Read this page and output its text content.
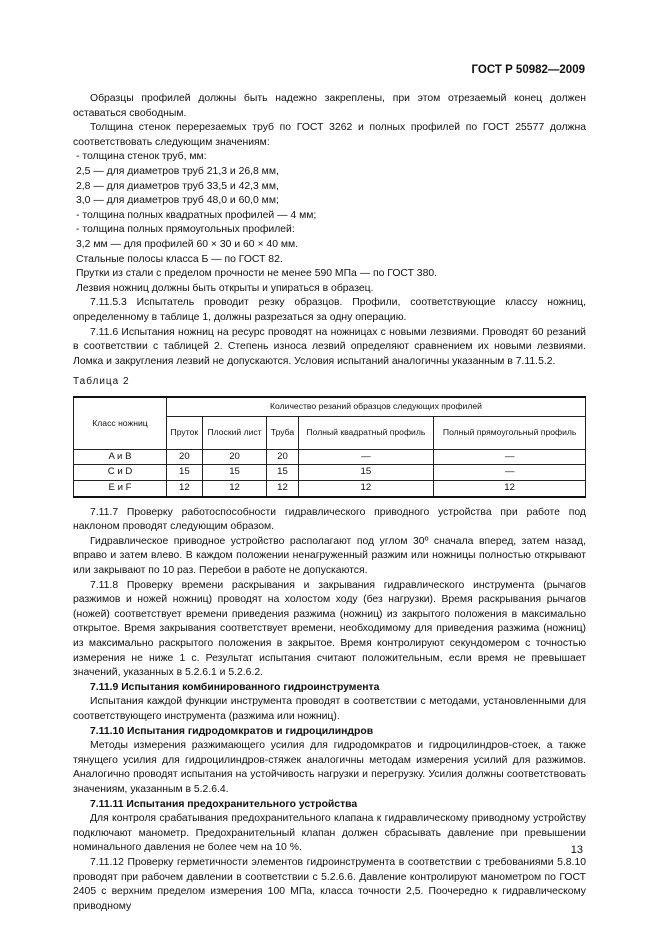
ГОСТ Р 50982—2009

Образцы профилей должны быть надежно закреплены, при этом отрезаемый конец должен оставаться свободным.

Толщина стенок перерезаемых труб по ГОСТ 3262 и полных профилей по ГОСТ 25577 должна соответствовать следующим значениям:

- толщина стенок труб, мм:

2,5 — для диаметров труб 21,3 и 26,8 мм,

2,8 — для диаметров труб 33,5 и 42,3 мм,

3,0 — для диаметров труб 48,0 и 60,0 мм;

- толщина полных квадратных профилей — 4 мм;

- толщина полных прямоугольных профилей:

3,2 мм — для профилей 60 × 30 и 60 × 40 мм.

Стальные полосы класса Б — по ГОСТ 82.

Прутки из стали с пределом прочности не менее 590 МПа — по ГОСТ 380.

Лезвия ножниц должны быть открыты и упираться в образец.

7.11.5.3 Испытатель проводит резку образцов. Профили, соответствующие классу ножниц, определенному в таблице 1, должны разрезаться за одну операцию.

7.11.6 Испытания ножниц на ресурс проводят на ножницах с новыми лезвиями. Проводят 60 резаний в соответствии с таблицей 2. Степень износа лезвий определяют сравнением их новыми лезвиями. Ломка и закругления лезвий не допускаются. Условия испытаний аналогичны указанным в 7.11.5.2.

Таблица 2

Класс ножниц	Количество резаний образцов следующих профилей				
	Пруток	Плоский лист	Труба	Полный квадратный профиль	Полный прямоугольный профиль
A и B	20	20	20	—	—
C и D	15	15	15	15	—
E и F	12	12	12	12	12

7.11.7 Проверку работоспособности гидравлического приводного устройства при работе под наклоном проводят следующим образом.

Гидравлическое приводное устройство располагают под углом 30º сначала вперед, затем назад, вправо и затем влево. В каждом положении ненагруженный разжим или ножницы полностью открывают или закрывают по 10 раз. Перебои в работе не допускаются.

7.11.8 Проверку времени раскрывания и закрывания гидравлического инструмента (рычагов разжимов и ножей ножниц) проводят на холостом ходу (без нагрузки). Время раскрывания рычагов (ножей) соответствует времени приведения разжима (ножниц) из закрытого положения в максимально открытое. Время закрывания соответствует времени, необходимому для приведения разжима (ножниц) из максимально раскрытого положения в закрытое. Время контролируют секундомером с точностью измерения не ниже 1 с. Результат испытания считают положительным, если время не превышает значений, указанных в 5.2.6.1 и 5.2.6.2.

7.11.9 Испытания комбинированного гидроинструмента

Испытания каждой функции инструмента проводят в соответствии с методами, установленными для соответствующего инструмента (разжима или ножниц).

7.11.10 Испытания гидродомкратов и гидроцилиндров

Методы измерения разжимающего усилия для гидродомкратов и гидроцилиндров-стоек, а также тянущего усилия для гидроцилиндров-стяжек аналогичны методам измерения усилий для разжимов. Аналогично проводят испытания на устойчивость нагрузки и перегрузку. Усилия должны соответствовать значениям, указанным в 5.2.6.4.

7.11.11 Испытания предохранительного устройства

Для контроля срабатывания предохранительного клапана к гидравлическому приводному устройству подключают манометр. Предохранительный клапан должен сбрасывать давление при превышении номинального давления не более чем на 10 %.

7.11.12 Проверку герметичности элементов гидроинструмента в соответствии с требованиями 5.8.10 проводят при рабочем давлении в соответствии с 5.2.6.6. Давление контролируют манометром по ГОСТ 2405 с верхним пределом измерения 100 МПа, класса точности 2,5. Поочередно к гидравлическому приводному

13
